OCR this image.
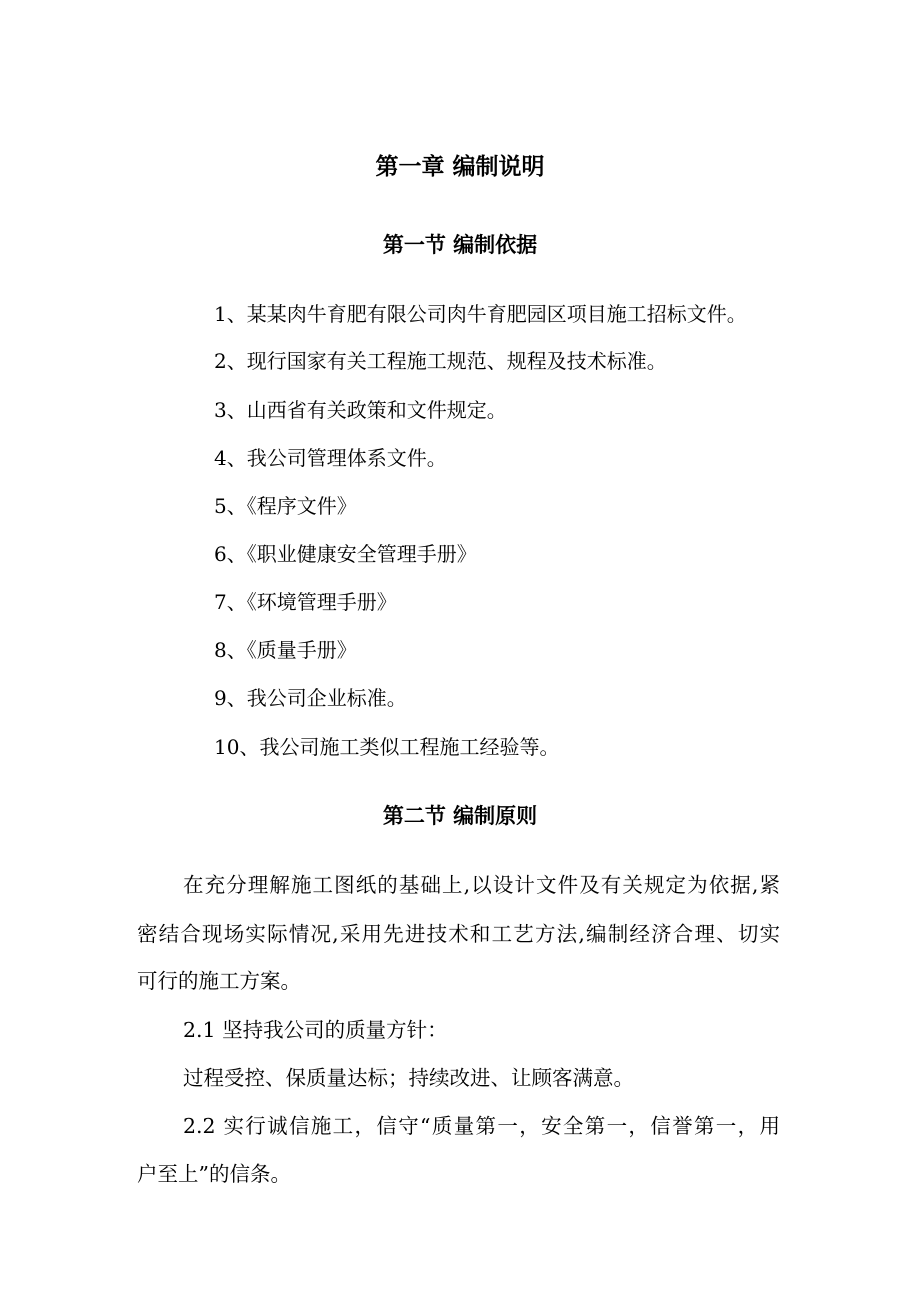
第一章 编制说明
第一节 编制依据
1、某某肉牛育肥有限公司肉牛育肥园区项目施工招标文件。
2、现行国家有关工程施工规范、规程及技术标准。
3、山西省有关政策和文件规定。
4、我公司管理体系文件。
5、《程序文件》
6、《职业健康安全管理手册》
7、《环境管理手册》
8、《质量手册》
9、我公司企业标准。
10、我公司施工类似工程施工经验等。
第二节 编制原则
在充分理解施工图纸的基础上,以设计文件及有关规定为依据,紧
密结合现场实际情况,采用先进技术和工艺方法,编制经济合理、切实
可行的施工方案。
2.1 坚持我公司的质量方针：
过程受控、保质量达标；持续改进、让顾客满意。
2.2 实行诚信施工，信守“质量第一，安全第一，信誉第一，用
户至上”的信条。
